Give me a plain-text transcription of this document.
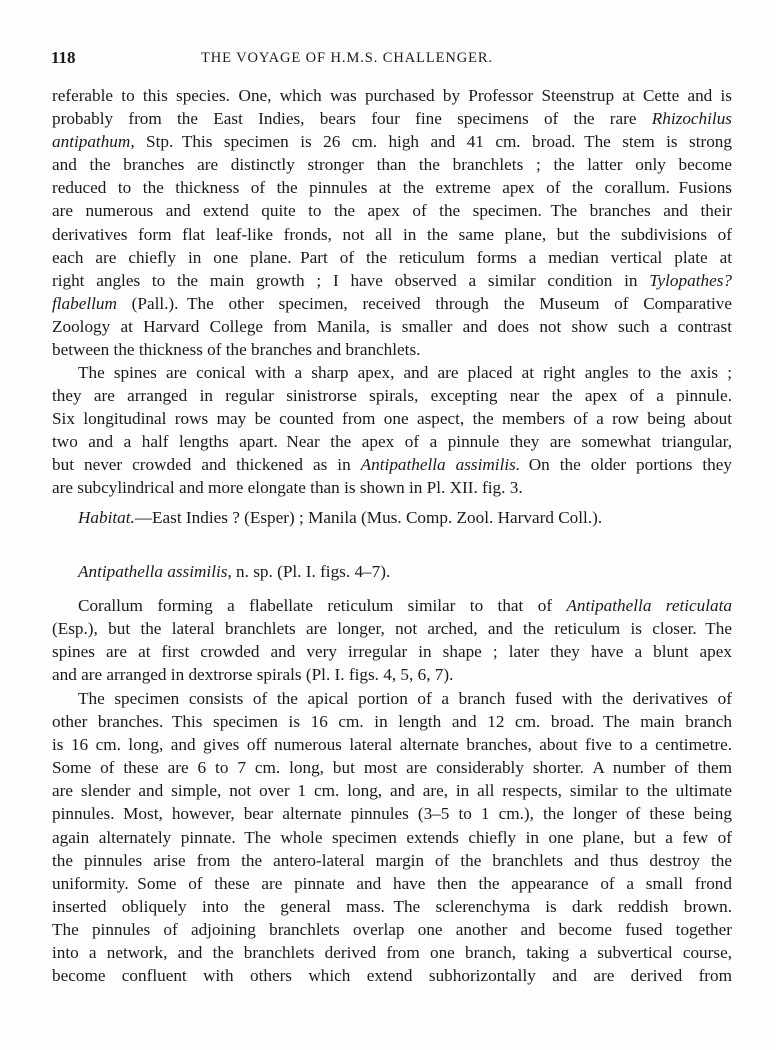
118	THE VOYAGE OF H.M.S. CHALLENGER.
referable to this species. One, which was purchased by Professor Steenstrup at Cette and is
probably from the East Indies, bears four fine specimens of the rare Rhizochilus
antipathum, Stp. This specimen is 26 cm. high and 41 cm. broad. The stem is strong
and the branches are distinctly stronger than the branchlets ; the latter only become
reduced to the thickness of the pinnules at the extreme apex of the corallum. Fusions
are numerous and extend quite to the apex of the specimen. The branches and their
derivatives form flat leaf-like fronds, not all in the same plane, but the subdivisions of
each are chiefly in one plane. Part of the reticulum forms a median vertical plate at
right angles to the main growth ; I have observed a similar condition in Tylopathes?
flabellum (Pall.). The other specimen, received through the Museum of Comparative
Zoology at Harvard College from Manila, is smaller and does not show such a contrast
between the thickness of the branches and branchlets.
The spines are conical with a sharp apex, and are placed at right angles to the axis ;
they are arranged in regular sinistrorse spirals, excepting near the apex of a pinnule.
Six longitudinal rows may be counted from one aspect, the members of a row being about
two and a half lengths apart. Near the apex of a pinnule they are somewhat triangular,
but never crowded and thickened as in Antipathella assimilis. On the older portions they
are subcylindrical and more elongate than is shown in Pl. XII. fig. 3.
Habitat.—East Indies ? (Esper) ; Manila (Mus. Comp. Zool. Harvard Coll.).
Antipathella assimilis, n. sp. (Pl. I. figs. 4–7).
Corallum forming a flabellate reticulum similar to that of Antipathella reticulata
(Esp.), but the lateral branchlets are longer, not arched, and the reticulum is closer. The
spines are at first crowded and very irregular in shape ; later they have a blunt apex
and are arranged in dextrorse spirals (Pl. I. figs. 4, 5, 6, 7).
The specimen consists of the apical portion of a branch fused with the derivatives of
other branches. This specimen is 16 cm. in length and 12 cm. broad. The main branch
is 16 cm. long, and gives off numerous lateral alternate branches, about five to a centimetre.
Some of these are 6 to 7 cm. long, but most are considerably shorter. A number of them
are slender and simple, not over 1 cm. long, and are, in all respects, similar to the ultimate
pinnules. Most, however, bear alternate pinnules (3–5 to 1 cm.), the longer of these being
again alternately pinnate. The whole specimen extends chiefly in one plane, but a few of
the pinnules arise from the antero-lateral margin of the branchlets and thus destroy the
uniformity. Some of these are pinnate and have then the appearance of a small frond
inserted obliquely into the general mass. The sclerenchyma is dark reddish brown.
The pinnules of adjoining branchlets overlap one another and become fused together
into a network, and the branchlets derived from one branch, taking a subvertical course,
become confluent with others which extend subhorizontally and are derived from
